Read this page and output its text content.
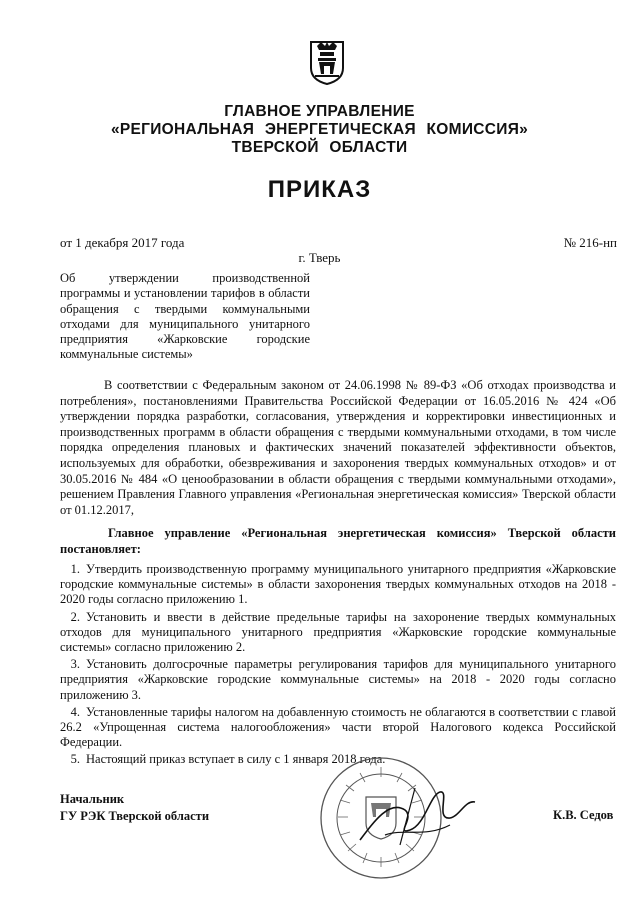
ГЛАВНОЕ УПРАВЛЕНИЕ
«РЕГИОНАЛЬНАЯ ЭНЕРГЕТИЧЕСКАЯ КОМИССИЯ»
ТВЕРСКОЙ ОБЛАСТИ
ПРИКАЗ
от 1 декабря 2017 года	№ 216-нп
г. Тверь
Об утверждении производственной программы и установлении тарифов в области обращения с твердыми коммунальными отходами для муниципального унитарного предприятия «Жарковские городские коммунальные системы»
В соответствии с Федеральным законом от 24.06.1998 № 89-ФЗ «Об отходах производства и потребления», постановлениями Правительства Российской Федерации от 16.05.2016 № 424 «Об утверждении порядка разработки, согласования, утверждения и корректировки инвестиционных и производственных программ в области обращения с твердыми коммунальными отходами, в том числе порядка определения плановых и фактических значений показателей эффективности объектов, используемых для обработки, обезвреживания и захоронения твердых коммунальных отходов» и от 30.05.2016 № 484 «О ценообразовании в области обращения с твердыми коммунальными отходами», решением Правления Главного управления «Региональная энергетическая комиссия» Тверской области от 01.12.2017,
Главное управление «Региональная энергетическая комиссия» Тверской области постановляет:
1. Утвердить производственную программу муниципального унитарного предприятия «Жарковские городские коммунальные системы» в области захоронения твердых коммунальных отходов на 2018 - 2020 годы согласно приложению 1.
2. Установить и ввести в действие предельные тарифы на захоронение твердых коммунальных отходов для муниципального унитарного предприятия «Жарковские городские коммунальные системы» согласно приложению 2.
3. Установить долгосрочные параметры регулирования тарифов для муниципального унитарного предприятия «Жарковские городские коммунальные системы» на 2018 - 2020 годы согласно приложению 3.
4. Установленные тарифы налогом на добавленную стоимость не облагаются в соответствии с главой 26.2 «Упрощенная система налогообложения» части второй Налогового кодекса Российской Федерации.
5. Настоящий приказ вступает в силу с 1 января 2018 года.
Начальник
ГУ РЭК Тверской области	К.В. Седов
